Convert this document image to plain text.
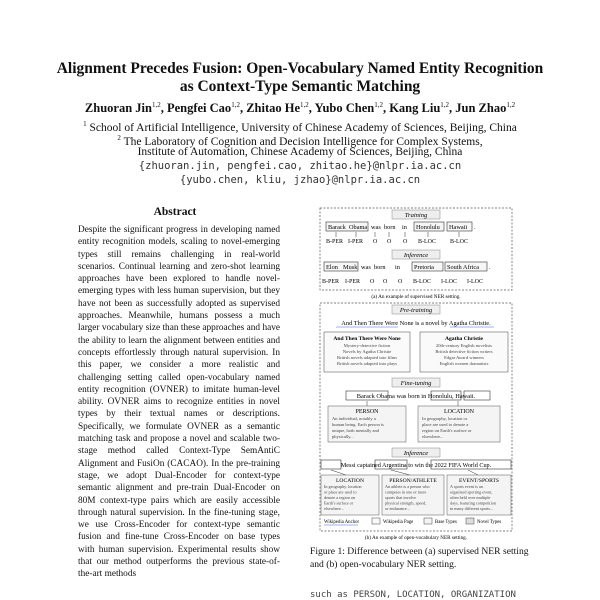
Alignment Precedes Fusion: Open-Vocabulary Named Entity Recognition
as Context-Type Semantic Matching
Zhuoran Jin$^{1,2}$, Pengfei Cao$^{1,2}$, Zhitao He$^{1,2}$, Yubo Chen$^{1,2}$, Kang Liu$^{1,2}$, Jun Zhao$^{1,2}$
$^1$ School of Artificial Intelligence, University of Chinese Academy of Sciences, Beijing, China
$^2$ The Laboratory of Cognition and Decision Intelligence for Complex Systems,
Institute of Automation, Chinese Academy of Sciences, Beijing, China
{zhuoran.jin, pengfei.cao, zhitao.he}@nlpr.ia.ac.cn
{yubo.chen, kliu, jzhao}@nlpr.ia.ac.cn
Abstract
Despite the significant progress in developing named entity recognition models, scaling to novel-emerging types still remains challenging in real-world scenarios. Continual learning and zero-shot learning approaches have been explored to handle novel-emerging types with less human supervision, but they have not been as successfully adopted as supervised approaches. Meanwhile, humans possess a much larger vocabulary size than these approaches and have the ability to learn the alignment between entities and concepts effortlessly through natural supervision. In this paper, we consider a more realistic and challenging setting called open-vocabulary named entity recognition (OVNER) to imitate human-level ability. OVNER aims to recognize entities in novel types by their textual names or descriptions. Specifically, we formulate OVNER as a semantic matching task and propose a novel and scalable two-stage method called Context-Type SemAntiC Alignment and FusiOn (CACAO). In the pre-training stage, we adopt Dual-Encoder for context-type semantic alignment and pre-train Dual-Encoder on 80M context-type pairs which are easily accessible through natural supervision. In the fine-tuning stage, we use Cross-Encoder for context-type semantic fusion and fine-tune Cross-Encoder on base types with human supervision. Experimental results show that our method outperforms the previous state-of-the-art methods
Training
Barack Obama was born in Honolulu Hawaii .
B-PER I-PER O O O B-LOC B-LOC
Inference
Elon Musk was born in Pretoria South Africa .
B-PER I-PER O O O B-LOC I-LOC I-LOC
(a) An example of supervised NER setting.
Pre-training
And Then There Were None is a novel by Agatha Christie.
And Then There Were None
Mystery-detective fiction Novels by Agatha Christie British novels adapted into films British novels adapted into plays
Agatha Christie
20th-century English novelists British detective fiction writers Edgar Award winners English women dramatists
Fine-tuning
Barack Obama was born in Honolulu, Hawaii.
PERSON
An individual, notably a human being. Each person is unique, both mentally and physically...
LOCATION
In geography, location or place are used to denote a region on Earth's surface or elsewhere...
Inference
Messi captained Argentina to win the 2022 FIFA World Cup.
LOCATION
In geography, location or place are used to denote a region on Earth's surface or elsewhere...
PERSON/ATHLETE
An athlete is a person who competes in one or more sports that involve physical strength, speed, or endurance...
EVENT/SPORTS
A sports event is an organized sporting event, often held over multiple days, featuring competition in many different sports...
Wikipedia Anchor	Wikipedia Page	Base Types	Novel Types
(b) An example of open-vocabulary NER setting.
Figure 1: Difference between (a) supervised NER setting and (b) open-vocabulary NER setting.
such as PERSON, LOCATION, ORGANIZATION
